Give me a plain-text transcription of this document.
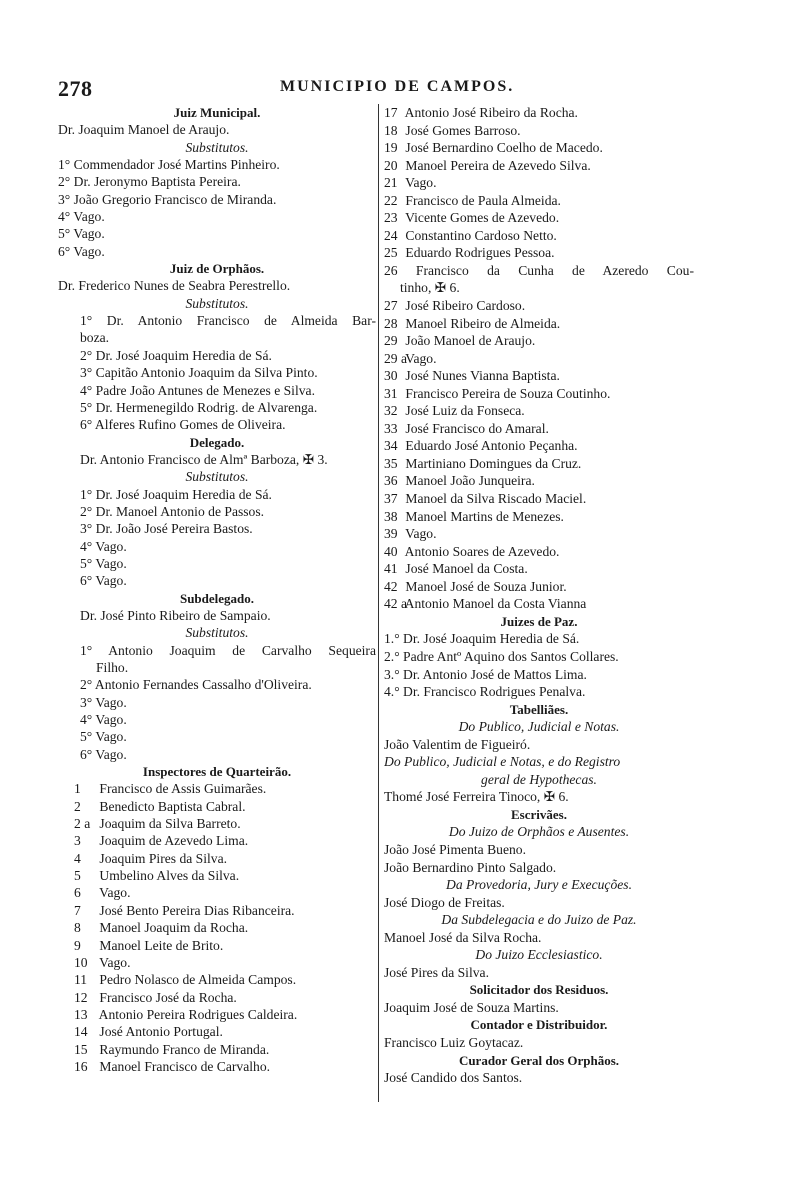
278	MUNICIPIO DE CAMPOS.
Juiz Municipal.
Dr. Joaquim Manoel de Araujo.
Substitutos.
1° Commendador José Martins Pinheiro.
2° Dr. Jeronymo Baptista Pereira.
3° João Gregorio Francisco de Miranda.
4° Vago.
5° Vago.
6° Vago.
Juiz de Orphãos.
Dr. Frederico Nunes de Seabra Perestrello.
Substitutos.
1° Dr. Antonio Francisco de Almeida Bar-
boza.
2° Dr. José Joaquim Heredia de Sá.
3° Capitão Antonio Joaquim da Silva Pinto.
4° Padre João Antunes de Menezes e Silva.
5° Dr. Hermenegildo Rodrig. de Alvarenga.
6° Alferes Rufino Gomes de Oliveira.
Delegado.
Dr. Antonio Francisco de Almª Barboza, ✠ 3.
Substitutos.
1° Dr. José Joaquim Heredia de Sá.
2° Dr. Manoel Antonio de Passos.
3° Dr. João José Pereira Bastos.
4° Vago.
5° Vago.
6° Vago.
Subdelegado.
Dr. José Pinto Ribeiro de Sampaio.
Substitutos.
1° Antonio Joaquim de Carvalho Sequeira
Filho.
2° Antonio Fernandes Cassalho d'Oliveira.
3° Vago.
4° Vago.
5° Vago.
6° Vago.
Inspectores de Quarteirão.
1 Francisco de Assis Guimarães.
2 Benedicto Baptista Cabral.
2 a Joaquim da Silva Barreto.
3 Joaquim de Azevedo Lima.
4 Joaquim Pires da Silva.
5 Umbelino Alves da Silva.
6 Vago.
7 José Bento Pereira Dias Ribanceira.
8 Manoel Joaquim da Rocha.
9 Manoel Leite de Brito.
10 Vago.
11 Pedro Nolasco de Almeida Campos.
12 Francisco José da Rocha.
13 Antonio Pereira Rodrigues Caldeira.
14 José Antonio Portugal.
15 Raymundo Franco de Miranda.
16 Manoel Francisco de Carvalho.
17 Antonio José Ribeiro da Rocha.
18 José Gomes Barroso.
19 José Bernardino Coelho de Macedo.
20 Manoel Pereira de Azevedo Silva.
21 Vago.
22 Francisco de Paula Almeida.
23 Vicente Gomes de Azevedo.
24 Constantino Cardoso Netto.
25 Eduardo Rodrigues Pessoa.
26 Francisco da Cunha de Azeredo Cou-
tinho, ✠ 6.
27 José Ribeiro Cardoso.
28 Manoel Ribeiro de Almeida.
29 João Manoel de Araujo.
29 a Vago.
30 José Nunes Vianna Baptista.
31 Francisco Pereira de Souza Coutinho.
32 José Luiz da Fonseca.
33 José Francisco do Amaral.
34 Eduardo José Antonio Peçanha.
35 Martiniano Domingues da Cruz.
36 Manoel João Junqueira.
37 Manoel da Silva Riscado Maciel.
38 Manoel Martins de Menezes.
39 Vago.
40 Antonio Soares de Azevedo.
41 José Manoel da Costa.
42 Manoel José de Souza Junior.
42 a Antonio Manoel da Costa Vianna
Juizes de Paz.
1.° Dr. José Joaquim Heredia de Sá.
2.° Padre Antº Aquino dos Santos Collares.
3.° Dr. Antonio José de Mattos Lima.
4.° Dr. Francisco Rodrigues Penalva.
Tabelliães.
Do Publico, Judicial e Notas.
João Valentim de Figueiró.
Do Publico, Judicial e Notas, e do Registro
geral de Hypothecas.
Thomé José Ferreira Tinoco, ✠ 6.
Escrivães.
Do Juizo de Orphãos e Ausentes.
João José Pimenta Bueno.
João Bernardino Pinto Salgado.
Da Provedoria, Jury e Execuções.
José Diogo de Freitas.
Da Subdelegacia e do Juizo de Paz.
Manoel José da Silva Rocha.
Do Juizo Ecclesiastico.
José Pires da Silva.
Solicitador dos Residuos.
Joaquim José de Souza Martins.
Contador e Distribuidor.
Francisco Luiz Goytacaz.
Curador Geral dos Orphãos.
José Candido dos Santos.
